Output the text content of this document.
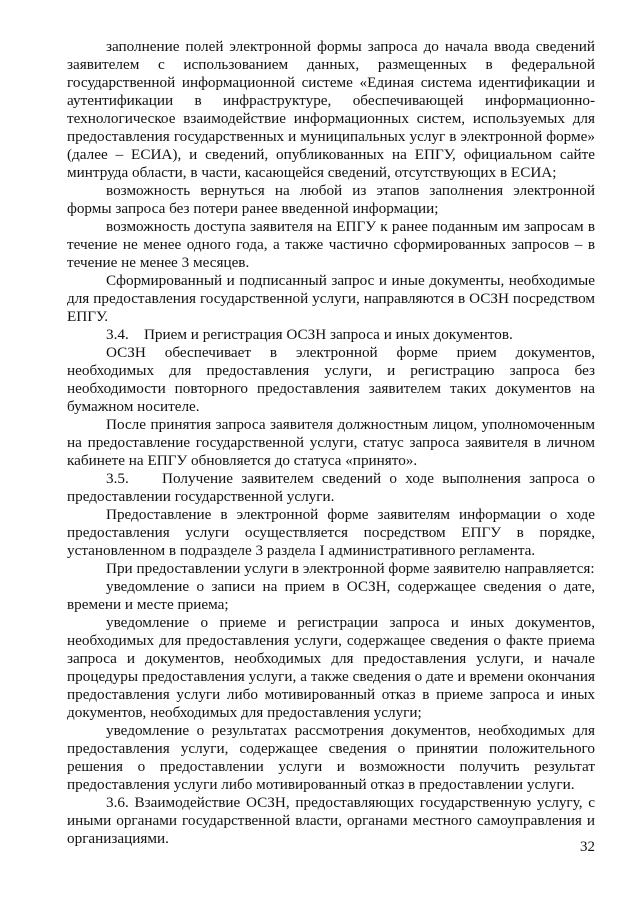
заполнение полей электронной формы запроса до начала ввода сведений заявителем с использованием данных, размещенных в федеральной государственной информационной системе «Единая система идентификации и аутентификации в инфраструктуре, обеспечивающей информационно-технологическое взаимодействие информационных систем, используемых для предоставления государственных и муниципальных услуг в электронной форме» (далее – ЕСИА), и сведений, опубликованных на ЕПГУ, официальном сайте минтруда области, в части, касающейся сведений, отсутствующих в ЕСИА;

возможность вернуться на любой из этапов заполнения электронной формы запроса без потери ранее введенной информации;

возможность доступа заявителя на ЕПГУ к ранее поданным им запросам в течение не менее одного года, а также частично сформированных запросов – в течение не менее 3 месяцев.

Сформированный и подписанный запрос и иные документы, необходимые для предоставления государственной услуги, направляются в ОСЗН посредством ЕПГУ.

3.4.    Прием и регистрация ОСЗН запроса и иных документов.

ОСЗН обеспечивает в электронной форме прием документов, необходимых для предоставления услуги, и регистрацию запроса без необходимости повторного предоставления заявителем таких документов на бумажном носителе.

После принятия запроса заявителя должностным лицом, уполномоченным на предоставление государственной услуги, статус запроса заявителя в личном кабинете на ЕПГУ обновляется до статуса «принято».

3.5.    Получение заявителем сведений о ходе выполнения запроса о предоставлении государственной услуги.

Предоставление в электронной форме заявителям информации о ходе предоставления услуги осуществляется посредством ЕПГУ в порядке, установленном в подразделе 3 раздела I административного регламента.

При предоставлении услуги в электронной форме заявителю направляется:

уведомление о записи на прием в ОСЗН, содержащее сведения о дате, времени и месте приема;

уведомление о приеме и регистрации запроса и иных документов, необходимых для предоставления услуги, содержащее сведения о факте приема запроса и документов, необходимых для предоставления услуги, и начале процедуры предоставления услуги, а также сведения о дате и времени окончания предоставления услуги либо мотивированный отказ в приеме запроса и иных документов, необходимых для предоставления услуги;

уведомление о результатах рассмотрения документов, необходимых для предоставления услуги, содержащее сведения о принятии положительного решения о предоставлении услуги и возможности получить результат предоставления услуги либо мотивированный отказ в предоставлении услуги.

3.6. Взаимодействие ОСЗН, предоставляющих государственную услугу, с иными органами государственной власти, органами местного самоуправления и организациями.	32
